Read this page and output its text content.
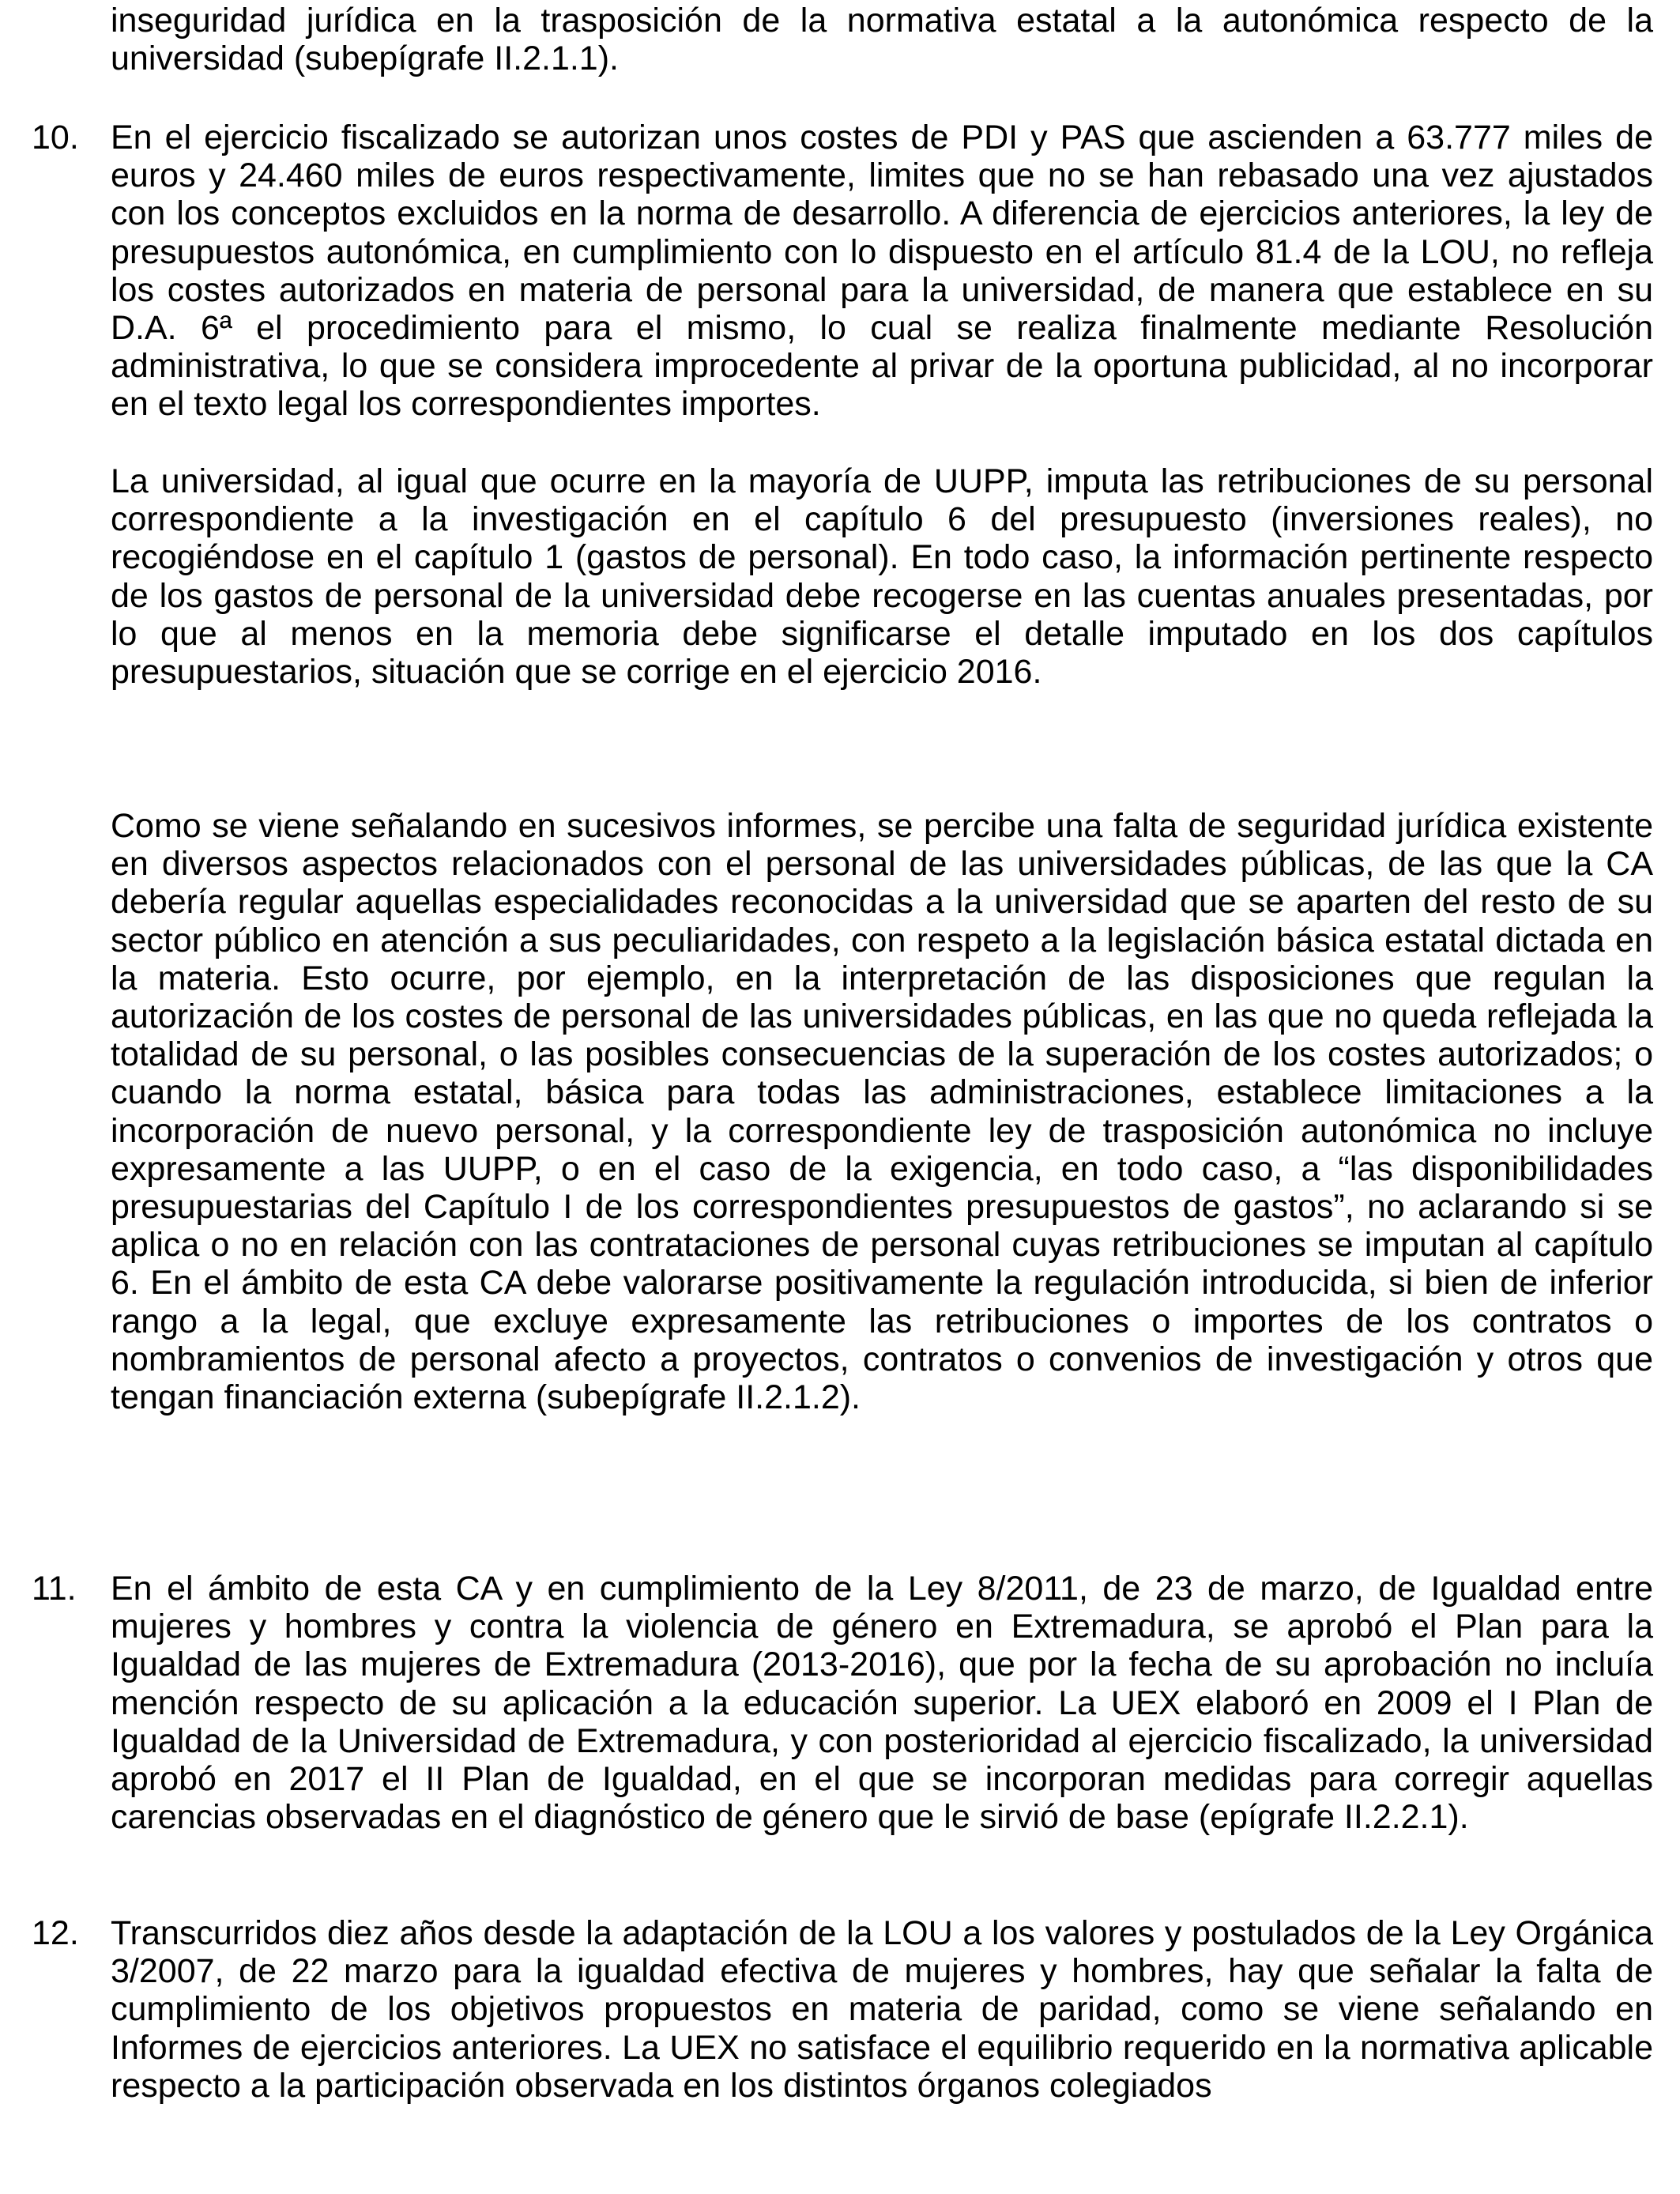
inseguridad jurídica en la trasposición de la normativa estatal a la autonómica respecto de la universidad (subepígrafe II.2.1.1).

10. En el ejercicio fiscalizado se autorizan unos costes de PDI y PAS que ascienden a 63.777 miles de euros y 24.460 miles de euros respectivamente, limites que no se han rebasado una vez ajustados con los conceptos excluidos en la norma de desarrollo. A diferencia de ejercicios anteriores, la ley de presupuestos autonómica, en cumplimiento con lo dispuesto en el artículo 81.4 de la LOU, no refleja los costes autorizados en materia de personal para la universidad, de manera que establece en su D.A. 6ª el procedimiento para el mismo, lo cual se realiza finalmente mediante Resolución administrativa, lo que se considera improcedente al privar de la oportuna publicidad, al no incorporar en el texto legal los correspondientes importes.

La universidad, al igual que ocurre en la mayoría de UUPP, imputa las retribuciones de su personal correspondiente a la investigación en el capítulo 6 del presupuesto (inversiones reales), no recogiéndose en el capítulo 1 (gastos de personal). En todo caso, la información pertinente respecto de los gastos de personal de la universidad debe recogerse en las cuentas anuales presentadas, por lo que al menos en la memoria debe significarse el detalle imputado en los dos capítulos presupuestarios, situación que se corrige en el ejercicio 2016.

Como se viene señalando en sucesivos informes, se percibe una falta de seguridad jurídica existente en diversos aspectos relacionados con el personal de las universidades públicas, de las que la CA debería regular aquellas especialidades reconocidas a la universidad que se aparten del resto de su sector público en atención a sus peculiaridades, con respeto a la legislación básica estatal dictada en la materia. Esto ocurre, por ejemplo, en la interpretación de las disposiciones que regulan la autorización de los costes de personal de las universidades públicas, en las que no queda reflejada la totalidad de su personal, o las posibles consecuencias de la superación de los costes autorizados; o cuando la norma estatal, básica para todas las administraciones, establece limitaciones a la incorporación de nuevo personal, y la correspondiente ley de trasposición autonómica no incluye expresamente a las UUPP, o en el caso de la exigencia, en todo caso, a “las disponibilidades presupuestarias del Capítulo I de los correspondientes presupuestos de gastos”, no aclarando si se aplica o no en relación con las contrataciones de personal cuyas retribuciones se imputan al capítulo 6. En el ámbito de esta CA debe valorarse positivamente la regulación introducida, si bien de inferior rango a la legal, que excluye expresamente las retribuciones o importes de los contratos o nombramientos de personal afecto a proyectos, contratos o convenios de investigación y otros que tengan financiación externa (subepígrafe II.2.1.2).

11. En el ámbito de esta CA y en cumplimiento de la Ley 8/2011, de 23 de marzo, de Igualdad entre mujeres y hombres y contra la violencia de género en Extremadura, se aprobó el Plan para la Igualdad de las mujeres de Extremadura (2013-2016), que por la fecha de su aprobación no incluía mención respecto de su aplicación a la educación superior. La UEX elaboró en 2009 el I Plan de Igualdad de la Universidad de Extremadura, y con posterioridad al ejercicio fiscalizado, la universidad aprobó en 2017 el II Plan de Igualdad, en el que se incorporan medidas para corregir aquellas carencias observadas en el diagnóstico de género que le sirvió de base (epígrafe II.2.2.1).

12. Transcurridos diez años desde la adaptación de la LOU a los valores y postulados de la Ley Orgánica 3/2007, de 22 marzo para la igualdad efectiva de mujeres y hombres, hay que señalar la falta de cumplimiento de los objetivos propuestos en materia de paridad, como se viene señalando en Informes de ejercicios anteriores. La UEX no satisface el equilibrio requerido en la normativa aplicable respecto a la participación observada en los distintos órganos colegiados
